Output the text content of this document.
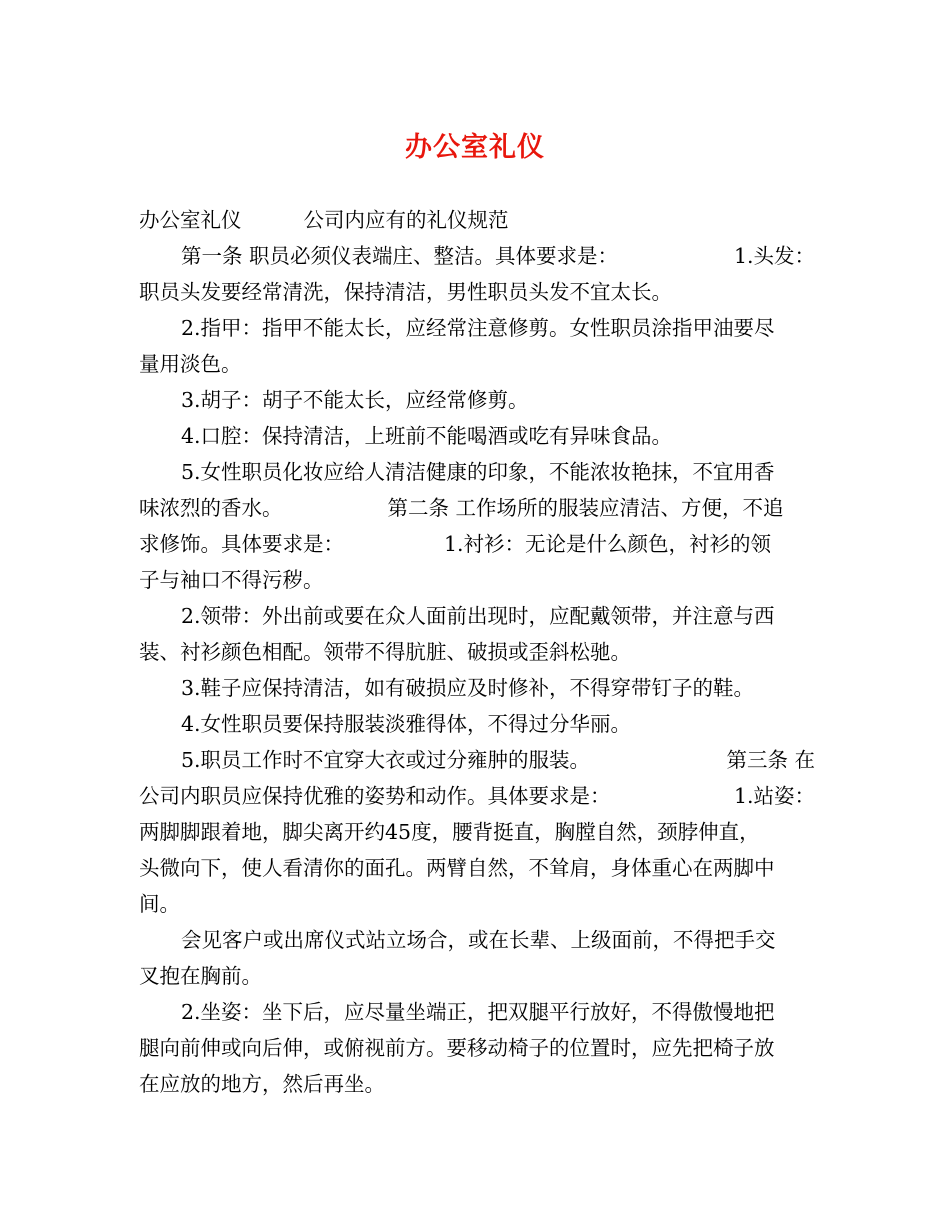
办公室礼仪
办公室礼仪	公司内应有的礼仪规范
第一条 职员必须仪表端庄、整洁。具体要求是：	1.头发：
职员头发要经常清洗，保持清洁，男性职员头发不宜太长。
2.指甲：指甲不能太长，应经常注意修剪。女性职员涂指甲油要尽
量用淡色。
3.胡子：胡子不能太长，应经常修剪。
4.口腔：保持清洁，上班前不能喝酒或吃有异味食品。
5.女性职员化妆应给人清洁健康的印象，不能浓妆艳抹，不宜用香
味浓烈的香水。	第二条 工作场所的服装应清洁、方便，不追
求修饰。具体要求是：	1.衬衫：无论是什么颜色，衬衫的领
子与袖口不得污秽。
2.领带：外出前或要在众人面前出现时，应配戴领带，并注意与西
装、衬衫颜色相配。领带不得肮脏、破损或歪斜松驰。
3.鞋子应保持清洁，如有破损应及时修补，不得穿带钉子的鞋。
4.女性职员要保持服装淡雅得体，不得过分华丽。
5.职员工作时不宜穿大衣或过分雍肿的服装。	第三条 在
公司内职员应保持优雅的姿势和动作。具体要求是：	1.站姿：
两脚脚跟着地，脚尖离开约45度，腰背挺直，胸膛自然，颈脖伸直，
头微向下，使人看清你的面孔。两臂自然，不耸肩，身体重心在两脚中
间。
会见客户或出席仪式站立场合，或在长辈、上级面前，不得把手交
叉抱在胸前。
2.坐姿：坐下后，应尽量坐端正，把双腿平行放好，不得傲慢地把
腿向前伸或向后伸，或俯视前方。要移动椅子的位置时，应先把椅子放
在应放的地方，然后再坐。
